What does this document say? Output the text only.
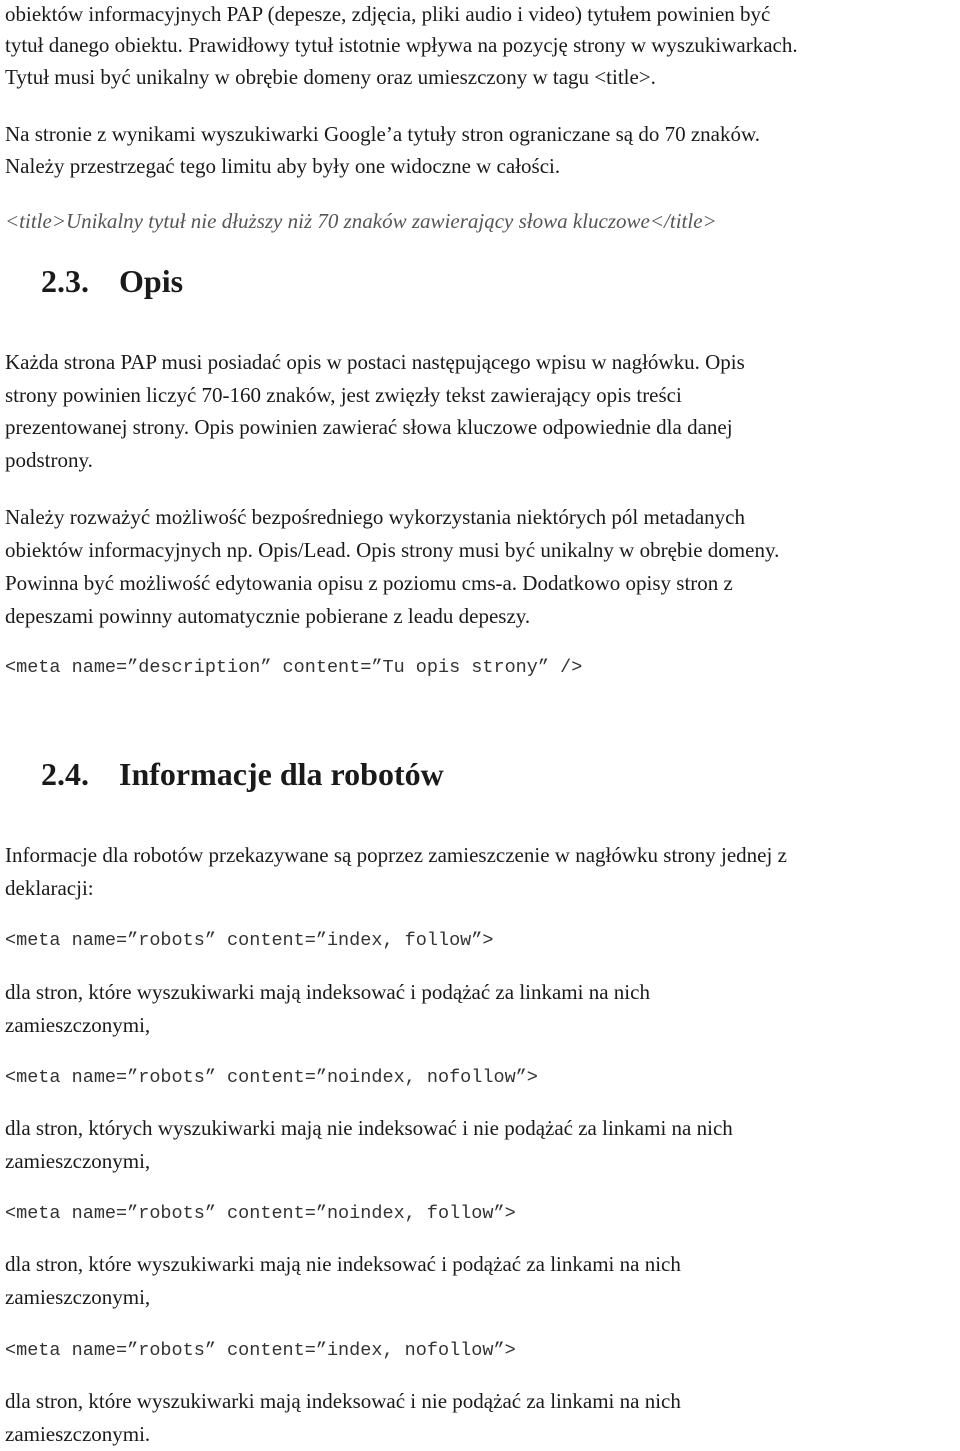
obiektów informacyjnych PAP (depesze, zdjęcia, pliki audio i video) tytułem powinien być

tytuł danego obiektu. Prawidłowy tytuł istotnie wpływa na pozycję strony w wyszukiwarkach.

Tytuł musi być unikalny w obrębie domeny oraz umieszczony w tagu <title>.

Na stronie z wynikami wyszukiwarki Google’a tytuły stron ograniczane są do 70 znaków.

Należy przestrzegać tego limitu aby były one widoczne w całości.

<title>Unikalny tytuł nie dłuższy niż 70 znaków zawierający słowa kluczowe</title>

2.3. Opis

Każda strona PAP musi posiadać opis w postaci następującego wpisu w nagłówku. Opis

strony powinien liczyć 70-160 znaków, jest zwięzły tekst zawierający opis treści

prezentowanej strony. Opis powinien zawierać słowa kluczowe odpowiednie dla danej

podstrony.

Należy rozważyć możliwość bezpośredniego wykorzystania niektórych pól metadanych

obiektów informacyjnych np. Opis/Lead. Opis strony musi być unikalny w obrębie domeny.

Powinna być możliwość edytowania opisu z poziomu cms-a. Dodatkowo opisy stron z

depeszami powinny automatycznie pobierane z leadu depeszy.

<meta name=”description” content=”Tu opis strony” />

2.4. Informacje dla robotów

Informacje dla robotów przekazywane są poprzez zamieszczenie w nagłówku strony jednej z

deklaracji:

<meta name=”robots” content=”index, follow”>

dla stron, które wyszukiwarki mają indeksować i podążać za linkami na nich

zamieszczonymi,

<meta name=”robots” content=”noindex, nofollow”>

dla stron, których wyszukiwarki mają nie indeksować i nie podążać za linkami na nich

zamieszczonymi,

<meta name=”robots” content=”noindex, follow”>

dla stron, które wyszukiwarki mają nie indeksować i podążać za linkami na nich

zamieszczonymi,

<meta name=”robots” content=”index, nofollow”>

dla stron, które wyszukiwarki mają indeksować i nie podążać za linkami na nich

zamieszczonymi.
